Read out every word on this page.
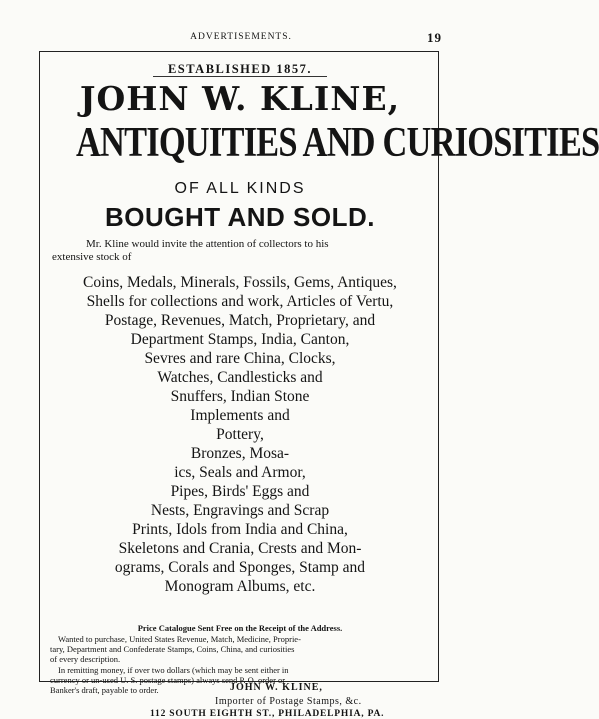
ADVERTISEMENTS.	19
ESTABLISHED 1857.
JOHN W. KLINE,
ANTIQUITIES AND CURIOSITIES
OF ALL KINDS
BOUGHT AND SOLD.
Mr. Kline would invite the attention of collectors to his
extensive stock of
Coins, Medals, Minerals, Fossils, Gems, Antiques,
Shells for collections and work, Articles of Vertu,
Postage, Revenues, Match, Proprietary, and
Department Stamps, India, Canton,
Sevres and rare China, Clocks,
Watches, Candlesticks and
Snuffers, Indian Stone
Implements and
Pottery,
Bronzes, Mosa-
ics, Seals and Armor,
Pipes, Birds' Eggs and
Nests, Engravings and Scrap
Prints, Idols from India and China,
Skeletons and Crania, Crests and Mon-
ograms, Corals and Sponges, Stamp and
Monogram Albums, etc.
Price Catalogue Sent Free on the Receipt of the Address.
Wanted to purchase, United States Revenue, Match, Medicine, Proprie-
tary, Department and Confederate Stamps, Coins, China, and curiosities
of every description.
In remitting money, if over two dollars (which may be sent either in
currency or un-used U. S. postage stamps) always send P. O. order or
Banker's draft, payable to order.	JOHN W. KLINE,
Importer of Postage Stamps, &c.
112 SOUTH EIGHTH ST., PHILADELPHIA, PA.
